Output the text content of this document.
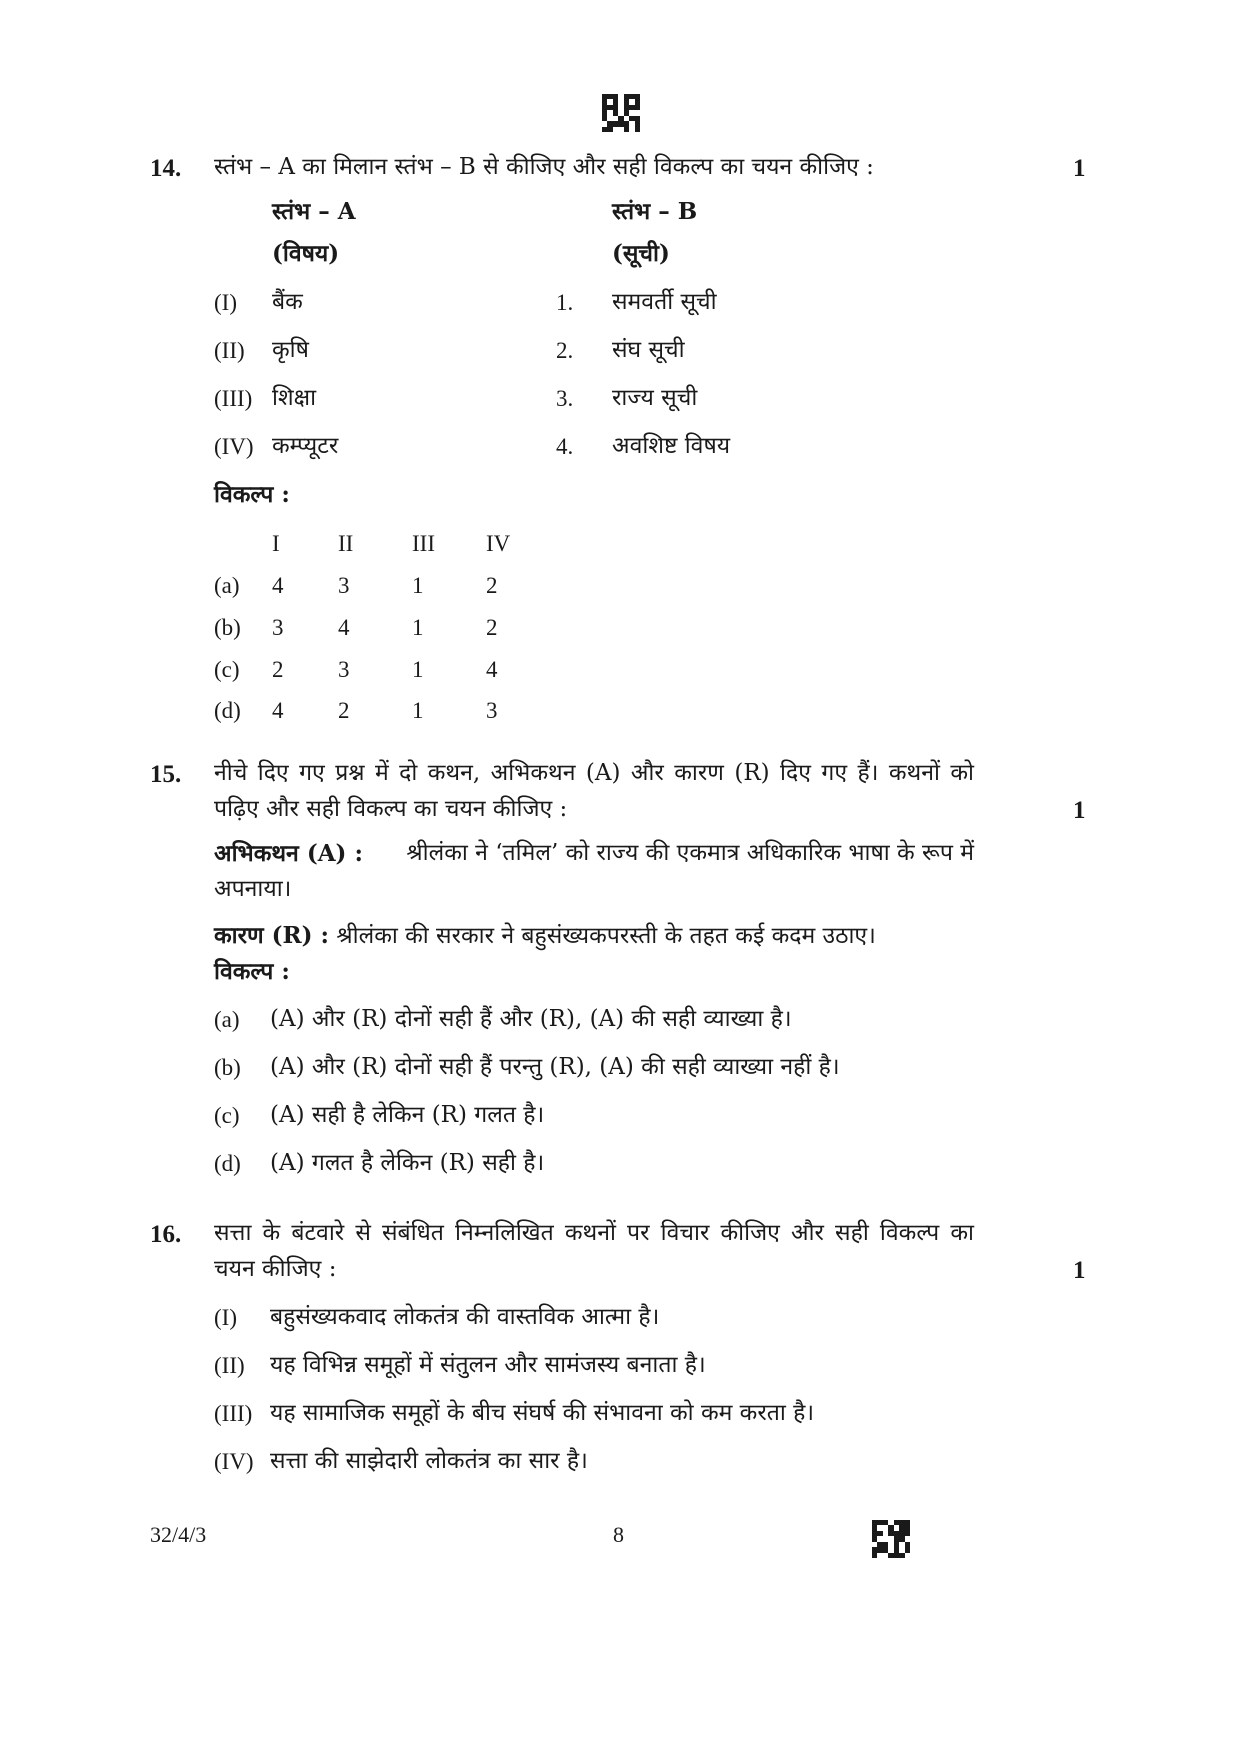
14. स्तंभ – A का मिलान स्तंभ – B से कीजिए और सही विकल्प का चयन कीजिए :	1
स्तंभ – A
(विषय)
स्तंभ – B
(सूची)
(I) बैंक	1. समवर्ती सूची
(II) कृषि	2. संघ सूची
(III) शिक्षा	3. राज्य सूची
(IV) कम्प्यूटर	4. अवशिष्ट विषय
विकल्प :
I	II	III IV
(a) 4 3	1	2
(b) 3 4	1	2
(c) 2 3	1	4
(d) 4 2	1	3
15. नीचे दिए गए प्रश्न में दो कथन, अभिकथन (A) और कारण (R) दिए गए हैं। कथनों को
पढ़िए और सही विकल्प का चयन कीजिए :	1
अभिकथन (A) : श्रीलंका ने ‘तमिल’ को राज्य की एकमात्र अधिकारिक भाषा के रूप में
अपनाया।
कारण (R) : श्रीलंका की सरकार ने बहुसंख्यकपरस्ती के तहत कई कदम उठाए।
विकल्प :
(a) (A) और (R) दोनों सही हैं और (R), (A) की सही व्याख्या है।
(b) (A) और (R) दोनों सही हैं परन्तु (R), (A) की सही व्याख्या नहीं है।
(c) (A) सही है लेकिन (R) गलत है।
(d) (A) गलत है लेकिन (R) सही है।
16. सत्ता के बंटवारे से संबंधित निम्नलिखित कथनों पर विचार कीजिए और सही विकल्प का
चयन कीजिए :	1
(I) बहुसंख्यकवाद लोकतंत्र की वास्तविक आत्मा है।
(II) यह विभिन्न समूहों में संतुलन और सामंजस्य बनाता है।
(III) यह सामाजिक समूहों के बीच संघर्ष की संभावना को कम करता है।
(IV) सत्ता की साझेदारी लोकतंत्र का सार है।
32/4/3	8
